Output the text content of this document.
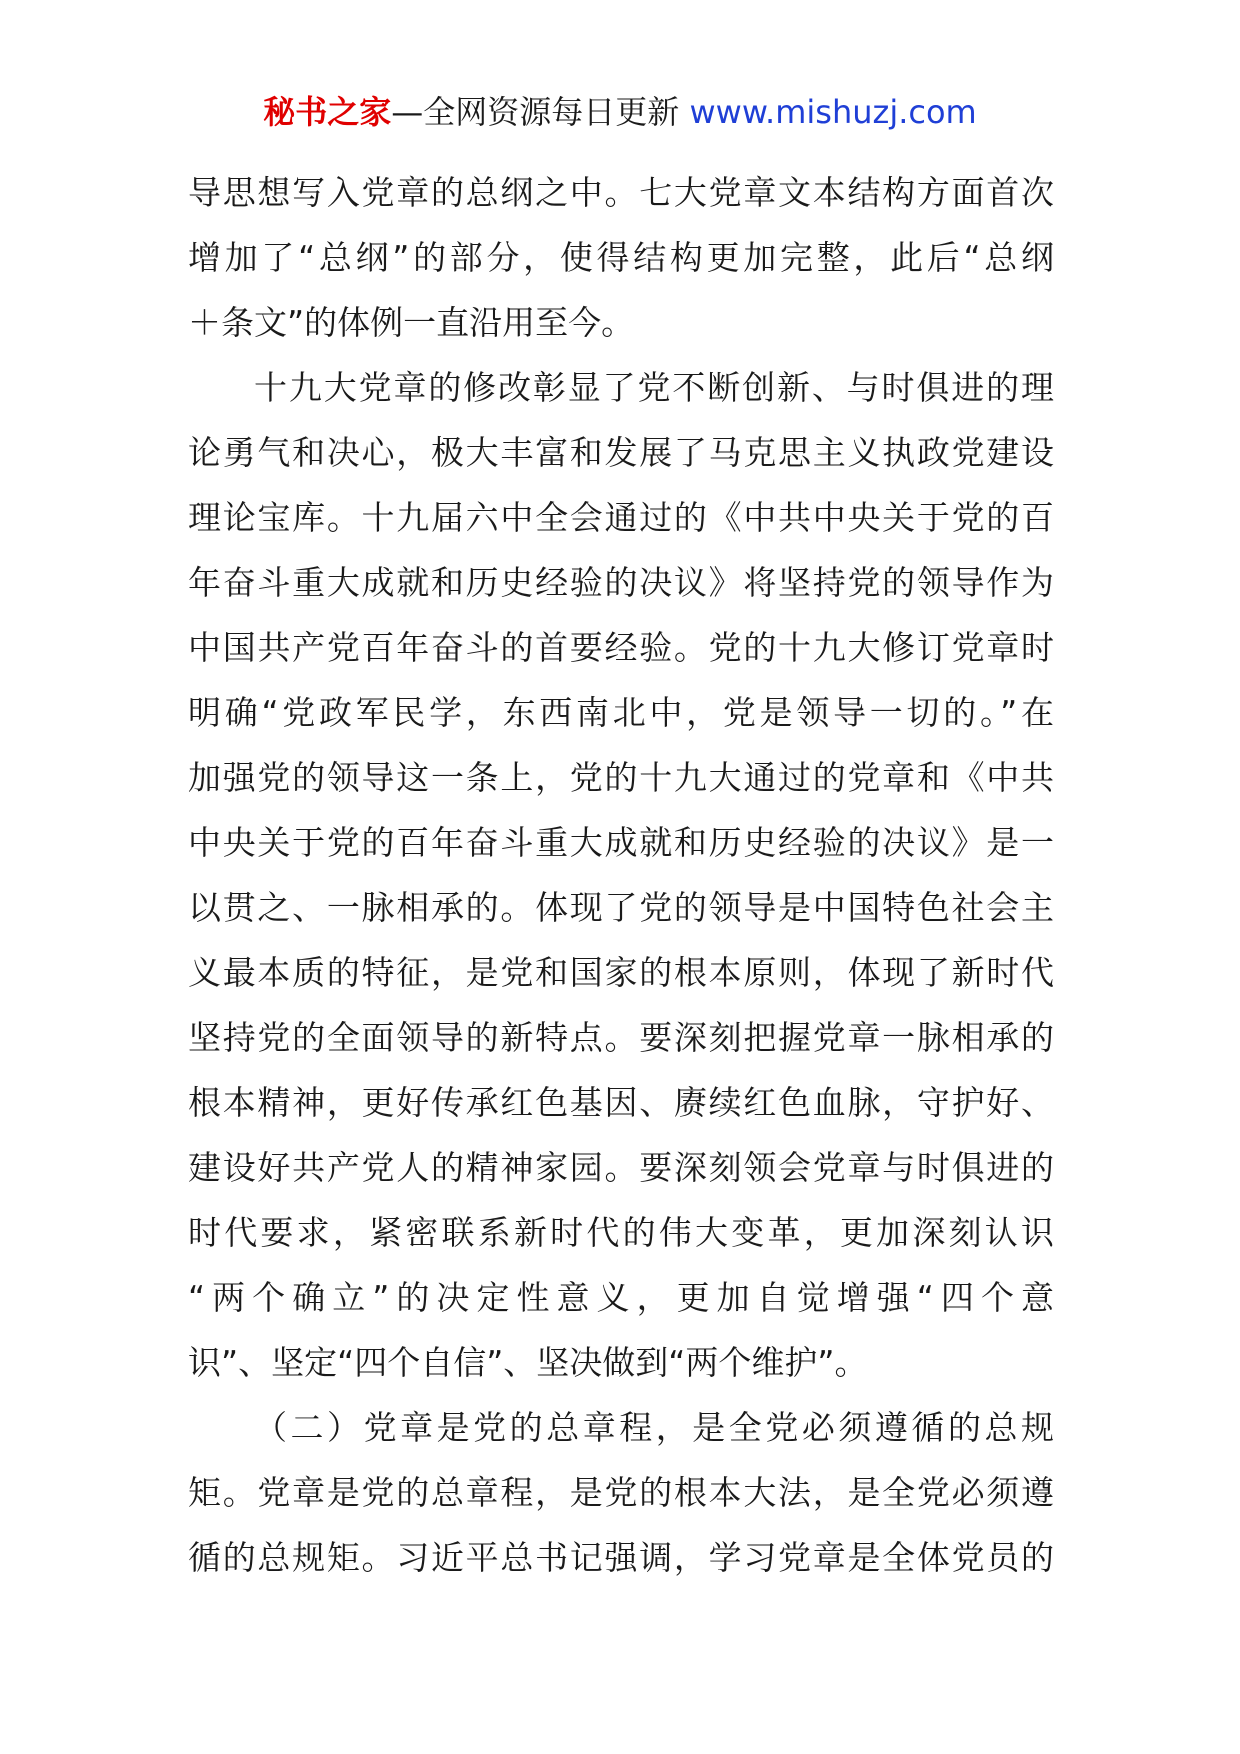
秘书之家—全网资源每日更新 www.mishuzj.com
导思想写入党章的总纲之中。七大党章文本结构方面首次
增加了“总纲”的部分，使得结构更加完整，此后“总纲
＋条文”的体例一直沿用至今。
十九大党章的修改彰显了党不断创新、与时俱进的理
论勇气和决心，极大丰富和发展了马克思主义执政党建设
理论宝库。十九届六中全会通过的《中共中央关于党的百
年奋斗重大成就和历史经验的决议》将坚持党的领导作为
中国共产党百年奋斗的首要经验。党的十九大修订党章时
明确“党政军民学，东西南北中，党是领导一切的。”在
加强党的领导这一条上，党的十九大通过的党章和《中共
中央关于党的百年奋斗重大成就和历史经验的决议》是一
以贯之、一脉相承的。体现了党的领导是中国特色社会主
义最本质的特征，是党和国家的根本原则，体现了新时代
坚持党的全面领导的新特点。要深刻把握党章一脉相承的
根本精神，更好传承红色基因、赓续红色血脉，守护好、
建设好共产党人的精神家园。要深刻领会党章与时俱进的
时代要求，紧密联系新时代的伟大变革，更加深刻认识
“两个确立”的决定性意义，更加自觉增强“四个意
识”、坚定“四个自信”、坚决做到“两个维护”。
（二）党章是党的总章程，是全党必须遵循的总规
矩。党章是党的总章程，是党的根本大法，是全党必须遵
循的总规矩。习近平总书记强调，学习党章是全体党员的
